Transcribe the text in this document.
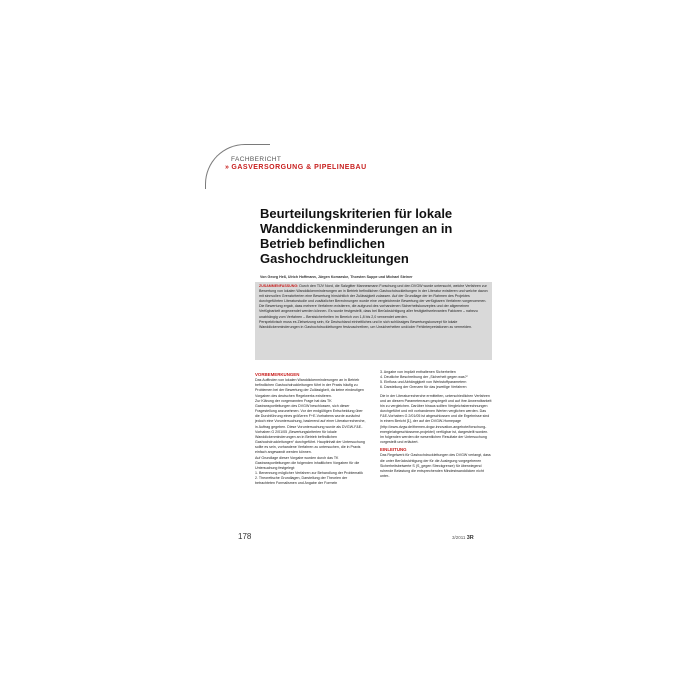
FACHBERICHT
» GASVERSORGUNG & PIPELINEBAU
Beurteilungskriterien für lokale
Wanddickenminderungen an in
Betrieb befindlichen
Gashochdruckleitungen
Von Georg Heß, Ulrich Hoffmann, Jürgen Komarske, Thorsten Suppe und Michael Steiner

ZUSAMMENFASSUNG: Durch den TÜV Nord, die Salzgitter Mannesmann Forschung und den DVGW wurde untersucht, welche Verfahren zur Bewertung von lokalen Wanddickenminderungen an in Betrieb befindlichen Gashochdruckleitungen in der Literatur existieren und welche davon mit sinnvollen Grenzkriterien eine Bewertung hinsichtlich der Zulässigkeit zulassen. Auf der Grundlage der im Rahmen des Projektes durchgeführten Literaturstudie und zusätzlicher Berechnungen wurde eine vergleichende Bewertung der verfügbaren Verfahren vorgenommen.

Die Bewertung ergab, dass mehrere Verfahren existieren, die aufgrund des vorhandenen Sicherheitskonzeptes und der allgemeinen Verfügbarkeit angewendet werden können. Es wurde festgestellt, dass bei Berücksichtigung aller festigkeitsrelevanten Faktoren – nahezu unabhängig vom Verfahren – Berstsicherheiten im Bereich von 1,8 bis 2,0 verwendet werden.

Perspektivisch muss es Zielsetzung sein, für Deutschland einheitliches und in sich schlüssiges Bewertungskonzept für lokale Wanddickenminderungen in Gashochdruckleitungen festzuschreiben, um Unsicherheiten und/oder Fehlinterpretationen zu vermeiden.

VORBEMERKUNGEN

Das Auffinden von lokalen Wanddickenminderungen an in Betrieb befindlichen Gashochdruckleitungen führt in der Praxis häufig zu Problemen bei der Bewertung der Zulässigkeit, da keine eindeutigen Vorgaben des deutschen Regelwerks existieren.

Zur Klärung der vorgenannten Frage hat das TK Gastransportleitungen des DVGW beschlossen, sich dieser Fragestellung anzunehmen. Vor der endgültigen Entscheidung über die Durchführung eines größeren F+E-Vorhabens wurde zunächst jedoch eine Voruntersuchung, basierend auf einer Literaturrecherche, in Auftrag gegeben. Diese Voruntersuchung wurde als DVGW-F&E-Vorhaben G 2/01/05 „Bewertungskriterien für lokale Wanddickenminderungen an in Betrieb befindlichen Gashochdruckleitungen“ durchgeführt. Hauptinhalt der Untersuchung sollte es sein, vorhandene Verfahren zu untersuchen, die in Praxis einfach angewandt werden können.

Auf Grundlage dieser Vorgabe wurden durch das TK Gastransportleitungen die folgenden inhaltlichen Vorgaben für die Untersuchung festgelegt:

1. Benennung möglicher Verfahren zur Behandlung der Problematik
2. Theoretische Grundlagen, Darstellung der Theorien der betrachteten Formalismen und Angabe der Formeln
3. Angabe von implizit enthaltenen Sicherheiten
4. Deutliche Beschreibung der „Sicherheit gegen was?“
5. Einfluss und Abhängigkeit von Werkstoffparametern
6. Darstellung der Grenzen für das jeweilige Verfahren

Die in der Literaturrecherche ermittelten, unterschiedlichen Verfahren und an diesem Parameterraum gespiegelt und auf ihre Anwendbarkeit hin zu vergleichen. Darüber hinaus sollten Vergleichsberechnungen durchgeführt und mit vorhandenen Werten verglichen werden. Das F&E-Vorhaben G 2/01/05 ist abgeschlossen und die Ergebnisse sind in einem Bericht [1], der auf der DVGW-Homepage (http://www.dvgw.de/themen-dvgw-innovation-angebote/forschung-energie/abgeschlossene-projekte/) verfügbar ist, dargestellt worden. Im folgenden werden die wesentlichen Resultate der Untersuchung vorgestellt und erläutert.

EINLEITUNG

Das Regelwerk für Gashochdruckleitungen des DVGW verlangt, dass die unter Berücksichtigung der für die Auslegung vorgegebenen Sicherheitsbeiwerte S (S_gegen Streckgrenze) für überwiegend ruhende Belastung die entsprechenden Mindestwanddicken nicht unter-

178	3/2011 3R
